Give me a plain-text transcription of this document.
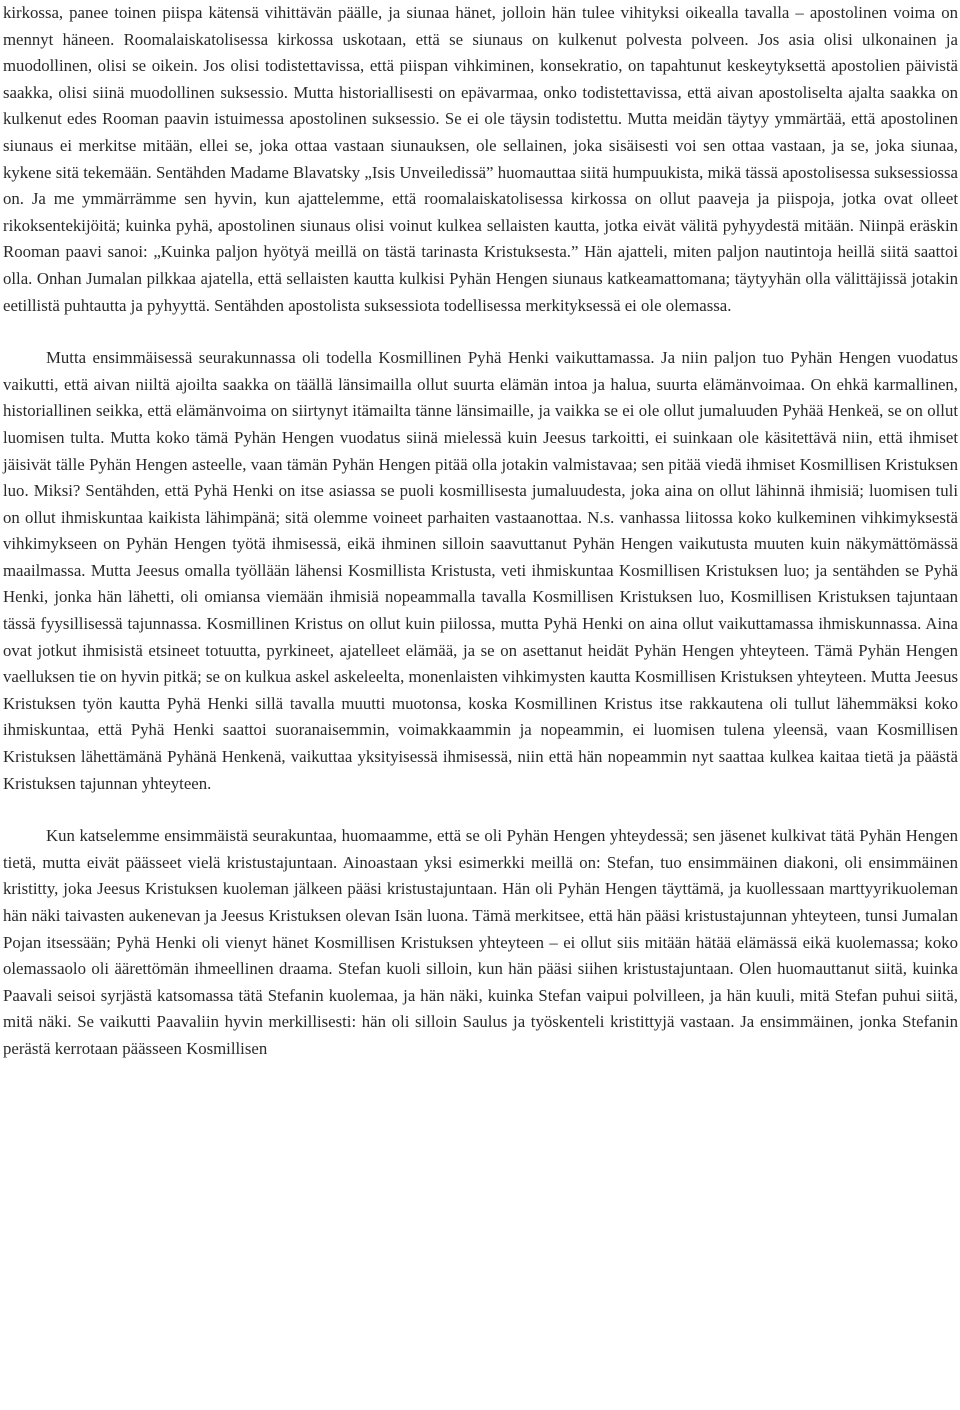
kirkossa, panee toinen piispa kätensä vihittävän päälle, ja siunaa hänet, jolloin hän tulee vihityksi oikealla tavalla – apostolinen voima on mennyt häneen. Roomalaiskatolisessa kirkossa uskotaan, että se siunaus on kulkenut polvesta polveen. Jos asia olisi ulkonainen ja muodollinen, olisi se oikein. Jos olisi todistettavissa, että piispan vihkiminen, konsekratio, on tapahtunut keskeytyksettä apostolien päivistä saakka, olisi siinä muodollinen suksessio. Mutta historiallisesti on epävarmaa, onko todistettavissa, että aivan apostoliselta ajalta saakka on kulkenut edes Rooman paavin istuimessa apostolinen suksessio. Se ei ole täysin todistettu. Mutta meidän täytyy ymmärtää, että apostolinen siunaus ei merkitse mitään, ellei se, joka ottaa vastaan siunauksen, ole sellainen, joka sisäisesti voi sen ottaa vastaan, ja se, joka siunaa, kykene sitä tekemään. Sentähden Madame Blavatsky „Isis Unveiledissä” huomauttaa siitä humpuukista, mikä tässä apostolisessa suksessiossa on. Ja me ymmärrämme sen hyvin, kun ajattelemme, että roomalaiskatolisessa kirkossa on ollut paaveja ja piispoja, jotka ovat olleet rikoksentekijöitä; kuinka pyhä, apostolinen siunaus olisi voinut kulkea sellaisten kautta, jotka eivät välitä pyhyydestä mitään. Niinpä eräskin Rooman paavi sanoi: „Kuinka paljon hyötyä meillä on tästä tarinasta Kristuksesta.” Hän ajatteli, miten paljon nautintoja heillä siitä saattoi olla. Onhan Jumalan pilkkaa ajatella, että sellaisten kautta kulkisi Pyhän Hengen siunaus katkeamattomana; täytyyhän olla välittäjissä jotakin eetillistä puhtautta ja pyhyyttä. Sentähden apostolista suksessiota todellisessa merkityksessä ei ole olemassa.

Mutta ensimmäisessä seurakunnassa oli todella Kosmillinen Pyhä Henki vaikuttamassa. Ja niin paljon tuo Pyhän Hengen vuodatus vaikutti, että aivan niiltä ajoilta saakka on täällä länsimailla ollut suurta elämän intoa ja halua, suurta elämänvoimaa. On ehkä karmallinen, historiallinen seikka, että elämänvoima on siirtynyt itämailta tänne länsimaille, ja vaikka se ei ole ollut jumaluuden Pyhää Henkeä, se on ollut luomisen tulta. Mutta koko tämä Pyhän Hengen vuodatus siinä mielessä kuin Jeesus tarkoitti, ei suinkaan ole käsitettävä niin, että ihmiset jäisivät tälle Pyhän Hengen asteelle, vaan tämän Pyhän Hengen pitää olla jotakin valmistavaa; sen pitää viedä ihmiset Kosmillisen Kristuksen luo. Miksi? Sentähden, että Pyhä Henki on itse asiassa se puoli kosmillisesta jumaluudesta, joka aina on ollut lähinnä ihmisiä; luomisen tuli on ollut ihmiskuntaa kaikista lähimpänä; sitä olemme voineet parhaiten vastaanottaa. N.s. vanhassa liitossa koko kulkeminen vihkimyksestä vihkimykseen on Pyhän Hengen työtä ihmisessä, eikä ihminen silloin saavuttanut Pyhän Hengen vaikutusta muuten kuin näkymättömässä maailmassa. Mutta Jeesus omalla työllään lähensi Kosmillista Kristusta, veti ihmiskuntaa Kosmillisen Kristuksen luo; ja sentähden se Pyhä Henki, jonka hän lähetti, oli omiansa viemään ihmisiä nopeammalla tavalla Kosmillisen Kristuksen luo, Kosmillisen Kristuksen tajuntaan tässä fyysillisessä tajunnassa. Kosmillinen Kristus on ollut kuin piilossa, mutta Pyhä Henki on aina ollut vaikuttamassa ihmiskunnassa. Aina ovat jotkut ihmisistä etsineet totuutta, pyrkineet, ajatelleet elämää, ja se on asettanut heidät Pyhän Hengen yhteyteen. Tämä Pyhän Hengen vaelluksen tie on hyvin pitkä; se on kulkua askel askeleelta, monenlaisten vihkimysten kautta Kosmillisen Kristuksen yhteyteen. Mutta Jeesus Kristuksen työn kautta Pyhä Henki sillä tavalla muutti muotonsa, koska Kosmillinen Kristus itse rakkautena oli tullut lähemmäksi koko ihmiskuntaa, että Pyhä Henki saattoi suoranaisemmin, voimakkaammin ja nopeammin, ei luomisen tulena yleensä, vaan Kosmillisen Kristuksen lähettämänä Pyhänä Henkenä, vaikuttaa yksityisessä ihmisessä, niin että hän nopeammin nyt saattaa kulkea kaitaa tietä ja päästä Kristuksen tajunnan yhteyteen.

Kun katselemme ensimmäistä seurakuntaa, huomaamme, että se oli Pyhän Hengen yhteydessä; sen jäsenet kulkivat tätä Pyhän Hengen tietä, mutta eivät päässeet vielä kristustajuntaan. Ainoastaan yksi esimerkki meillä on: Stefan, tuo ensimmäinen diakoni, oli ensimmäinen kristitty, joka Jeesus Kristuksen kuoleman jälkeen pääsi kristustajuntaan. Hän oli Pyhän Hengen täyttämä, ja kuollessaan marttyyrikuoleman hän näki taivasten aukenevan ja Jeesus Kristuksen olevan Isän luona. Tämä merkitsee, että hän pääsi kristustajunnan yhteyteen, tunsi Jumalan Pojan itsessään; Pyhä Henki oli vienyt hänet Kosmillisen Kristuksen yhteyteen – ei ollut siis mitään hätää elämässä eikä kuolemassa; koko olemassaolo oli äärettömän ihmeellinen draama. Stefan kuoli silloin, kun hän pääsi siihen kristustajuntaan. Olen huomauttanut siitä, kuinka Paavali seisoi syrjästä katsomassa tätä Stefanin kuolemaa, ja hän näki, kuinka Stefan vaipui polvilleen, ja hän kuuli, mitä Stefan puhui siitä, mitä näki. Se vaikutti Paavaliin hyvin merkillisesti: hän oli silloin Saulus ja työskenteli kristittyjä vastaan. Ja ensimmäinen, jonka Stefanin perästä kerrotaan päässeen Kosmillisen
